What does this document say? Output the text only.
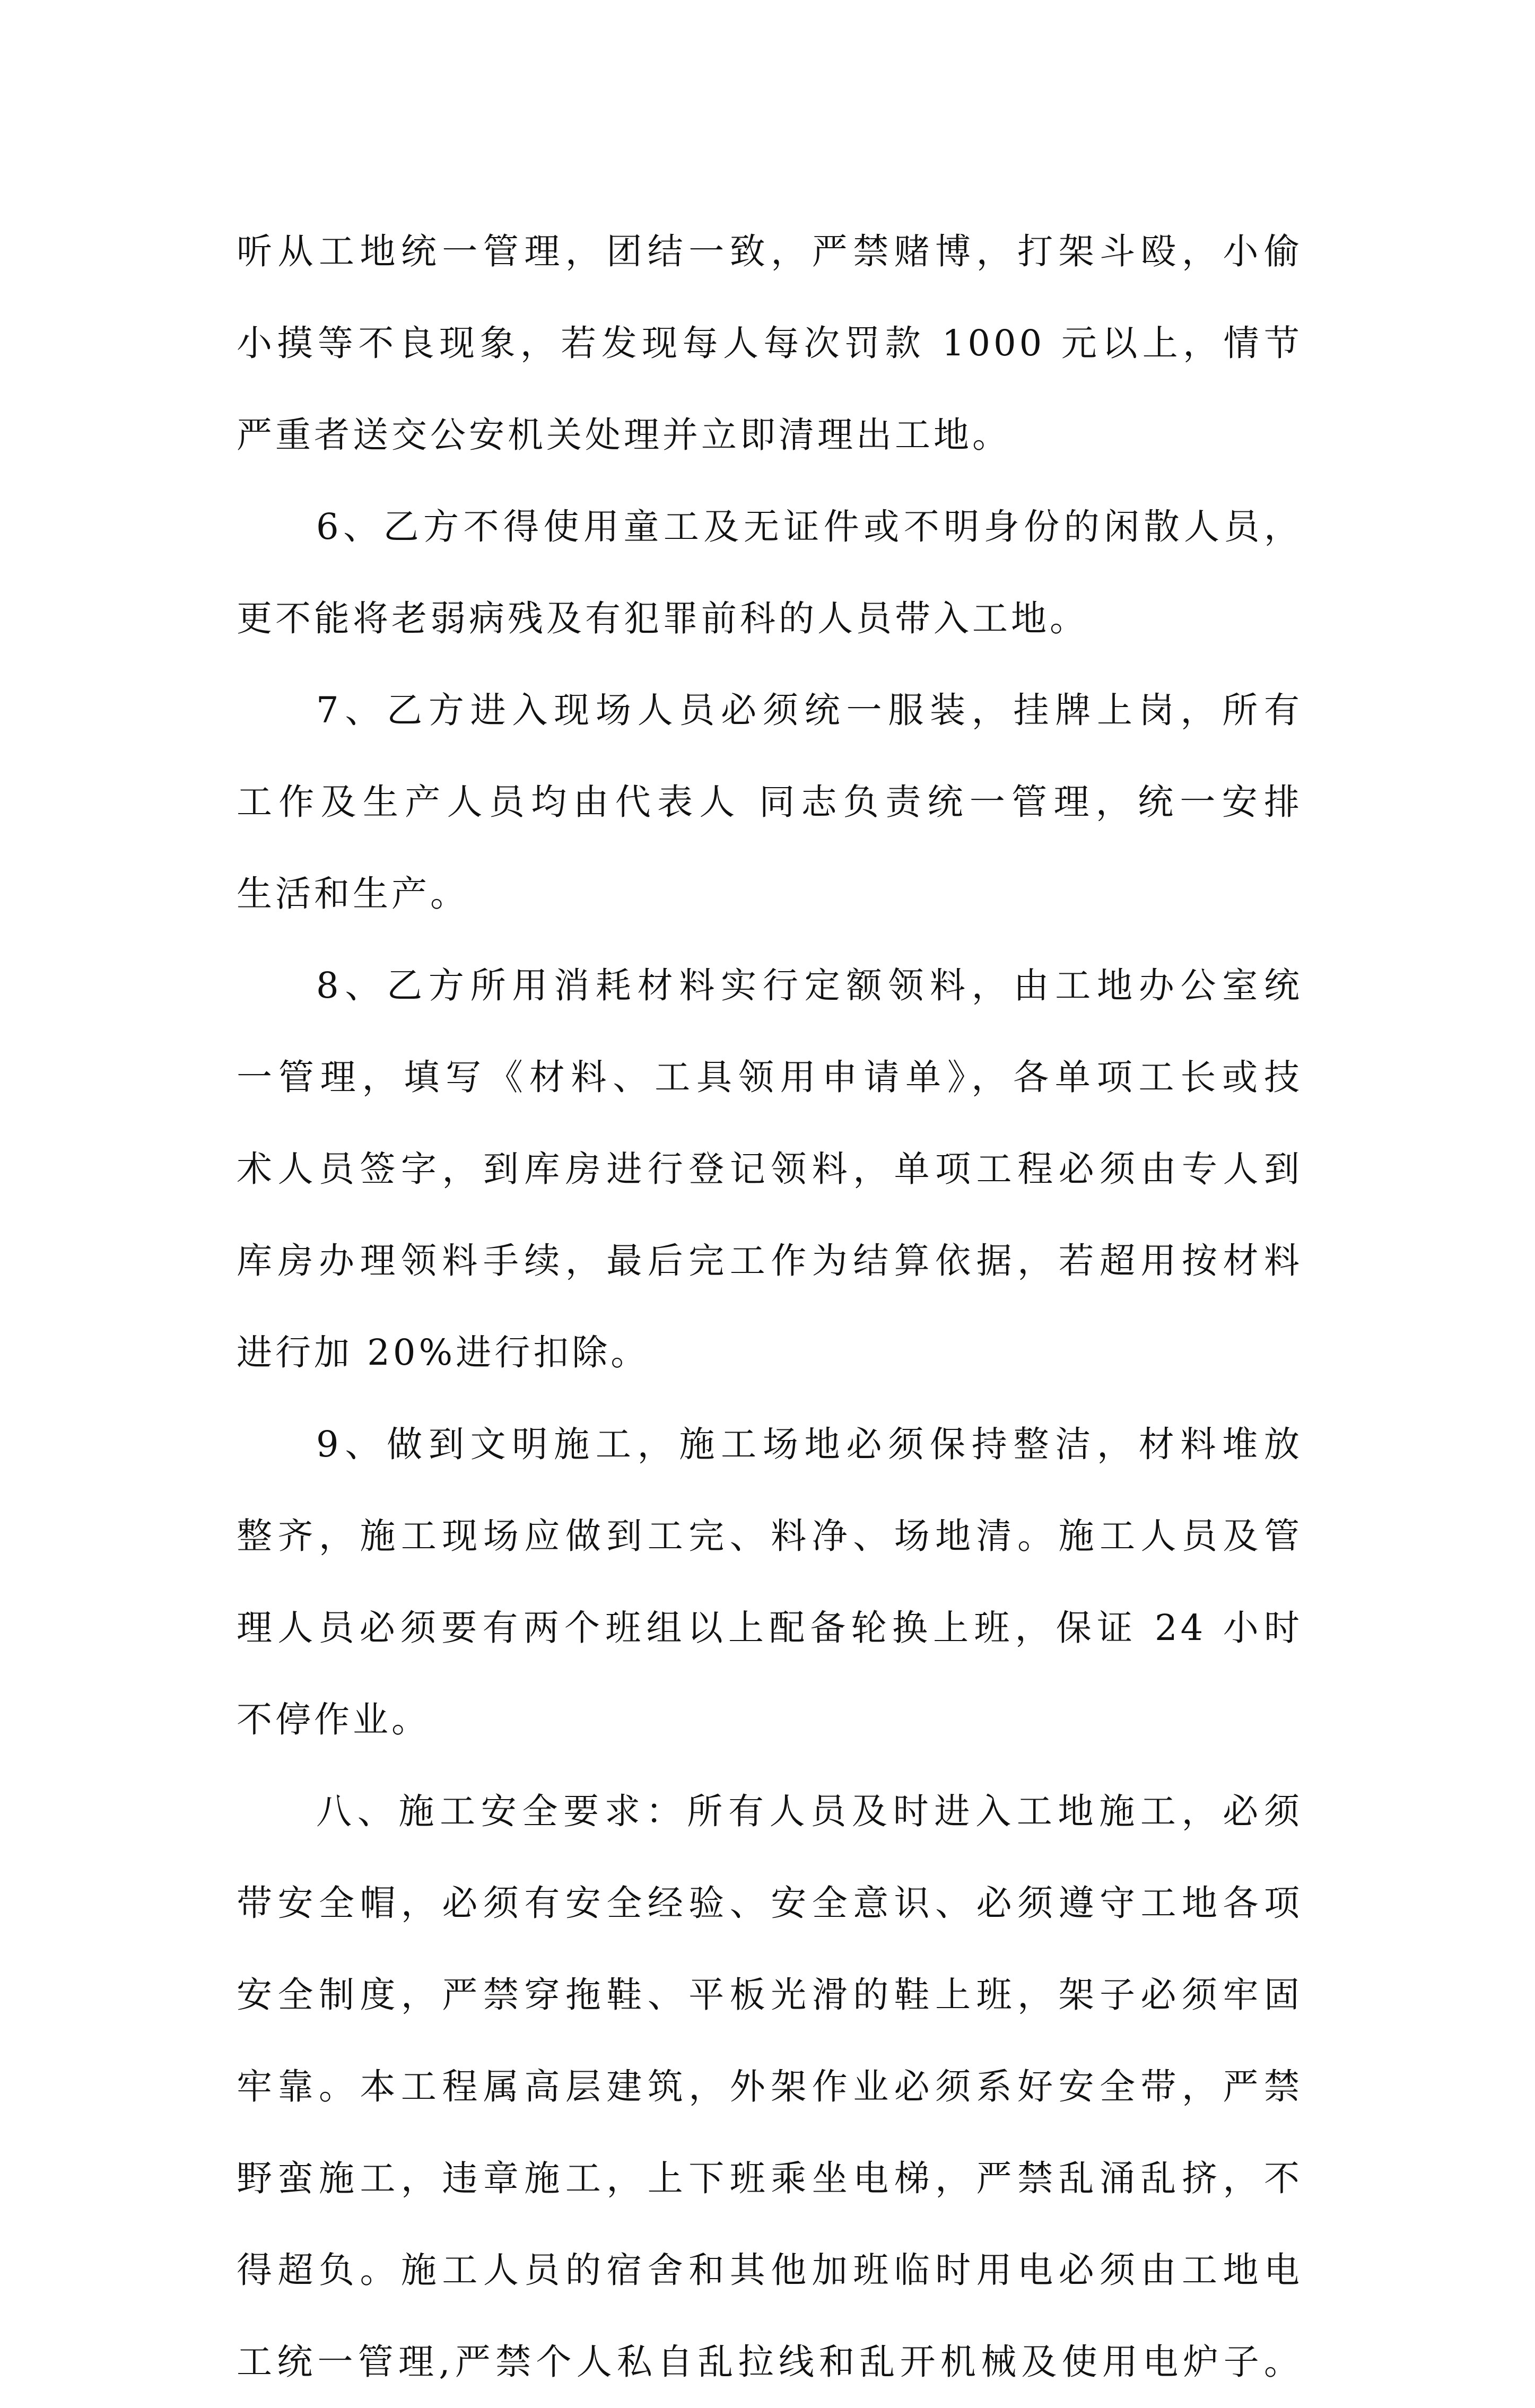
听从工地统一管理，团结一致，严禁赌博，打架斗殴，小偷
小摸等不良现象，若发现每人每次罚款 1000 元以上，情节
严重者送交公安机关处理并立即清理出工地。
6、乙方不得使用童工及无证件或不明身份的闲散人员，
更不能将老弱病残及有犯罪前科的人员带入工地。
7、乙方进入现场人员必须统一服装，挂牌上岗，所有
工作及生产人员均由代表人 同志负责统一管理，统一安排
生活和生产。
8、乙方所用消耗材料实行定额领料，由工地办公室统
一管理，填写《材料、工具领用申请单》，各单项工长或技
术人员签字，到库房进行登记领料，单项工程必须由专人到
库房办理领料手续，最后完工作为结算依据，若超用按材料
进行加 20%进行扣除。
9、做到文明施工，施工场地必须保持整洁，材料堆放
整齐，施工现场应做到工完、料净、场地清。施工人员及管
理人员必须要有两个班组以上配备轮换上班，保证 24 小时
不停作业。
八、施工安全要求：所有人员及时进入工地施工，必须
带安全帽，必须有安全经验、安全意识、必须遵守工地各项
安全制度，严禁穿拖鞋、平板光滑的鞋上班，架子必须牢固
牢靠。本工程属高层建筑，外架作业必须系好安全带，严禁
野蛮施工，违章施工，上下班乘坐电梯，严禁乱涌乱挤，不
得超负。施工人员的宿舍和其他加班临时用电必须由工地电
工统一管理,严禁个人私自乱拉线和乱开机械及使用电炉子。
